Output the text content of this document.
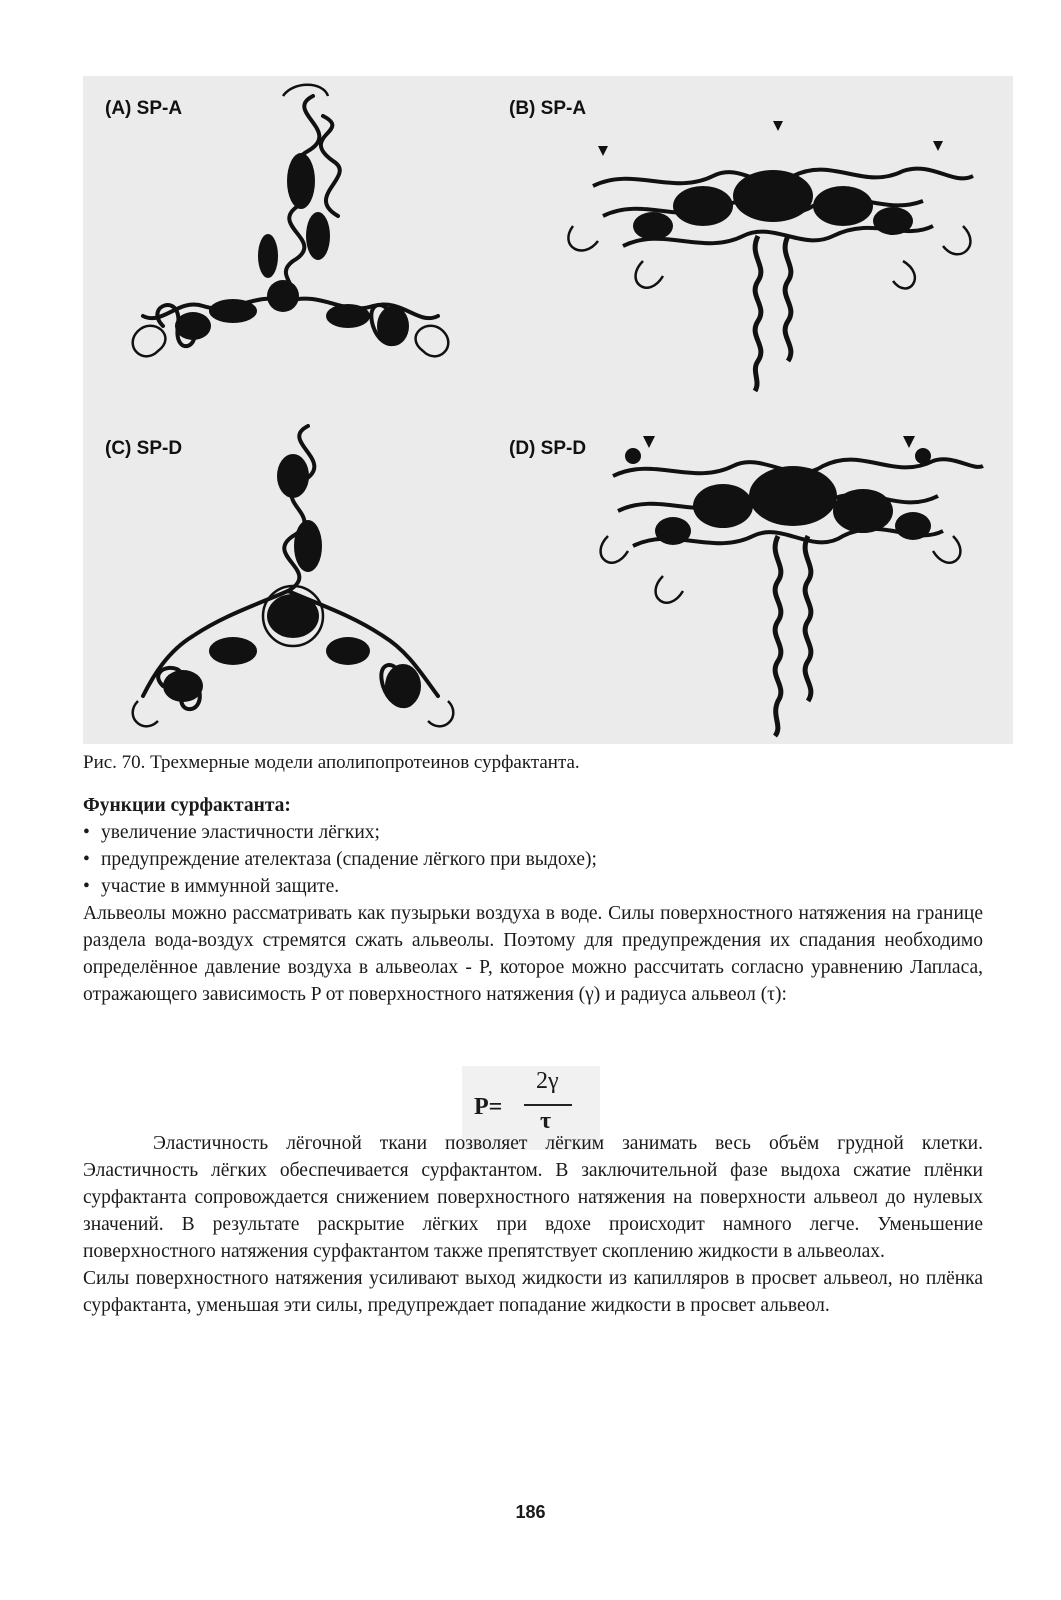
(A) SP-A	(B) SP-A
(C) SP-D	(D) SP-D
Рис. 70. Трехмерные модели аполипопротеинов сурфактанта.
Функции сурфактанта:
• увеличение эластичности лёгких;
• предупреждение ателектаза (спадение лёгкого при выдохе);
• участие в иммунной защите.
Альвеолы можно рассматривать как пузырьки воздуха в воде. Силы поверхностного натяжения на границе раздела вода-воздух стремятся сжать альвеолы. Поэтому для предупреждения их спадания необходимо определённое давление воздуха в альвеолах - P, которое можно рассчитать согласно уравнению Лапласа, отражающего зависимость P от поверхностного натяжения (γ) и радиуса альвеол (τ):
P=
2γ
τ
Эластичность лёгочной ткани позволяет лёгким занимать весь объём грудной клетки. Эластичность лёгких обеспечивается сурфактантом. В заключительной фазе выдоха сжатие плёнки сурфактанта сопровождается снижением поверхностного натяжения на поверхности альвеол до нулевых значений. В результате раскрытие лёгких при вдохе происходит намного легче. Уменьшение поверхностного натяжения сурфактантом также препятствует скоплению жидкости в альвеолах.
Силы поверхностного натяжения усиливают выход жидкости из капилляров в просвет альвеол, но плёнка сурфактанта, уменьшая эти силы, предупреждает попадание жидкости в просвет альвеол.
186
